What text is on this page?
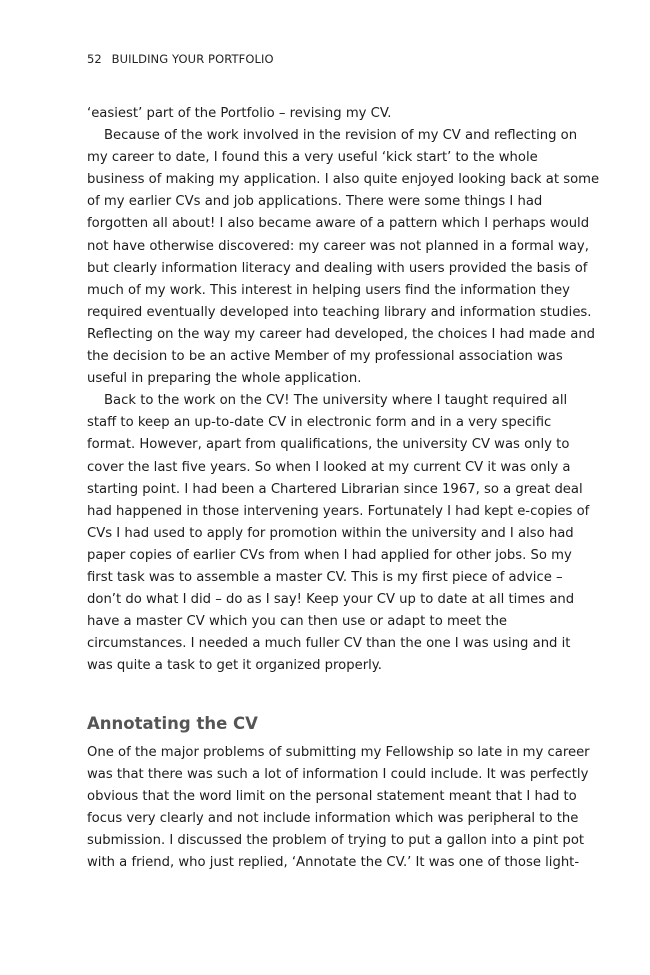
52 BUILDING YOUR PORTFOLIO

‘easiest’ part of the Portfolio – revising my CV.

Because of the work involved in the revision of my CV and reflecting on
my career to date, I found this a very useful ‘kick start’ to the whole
business of making my application. I also quite enjoyed looking back at some
of my earlier CVs and job applications. There were some things I had
forgotten all about! I also became aware of a pattern which I perhaps would
not have otherwise discovered: my career was not planned in a formal way,
but clearly information literacy and dealing with users provided the basis of
much of my work. This interest in helping users find the information they
required eventually developed into teaching library and information studies.
Reflecting on the way my career had developed, the choices I had made and
the decision to be an active Member of my professional association was
useful in preparing the whole application.

Back to the work on the CV! The university where I taught required all
staff to keep an up-to-date CV in electronic form and in a very specific
format. However, apart from qualifications, the university CV was only to
cover the last five years. So when I looked at my current CV it was only a
starting point. I had been a Chartered Librarian since 1967, so a great deal
had happened in those intervening years. Fortunately I had kept e-copies of
CVs I had used to apply for promotion within the university and I also had
paper copies of earlier CVs from when I had applied for other jobs. So my
first task was to assemble a master CV. This is my first piece of advice –
don’t do what I did – do as I say! Keep your CV up to date at all times and
have a master CV which you can then use or adapt to meet the
circumstances. I needed a much fuller CV than the one I was using and it
was quite a task to get it organized properly.

Annotating the CV

One of the major problems of submitting my Fellowship so late in my career
was that there was such a lot of information I could include. It was perfectly
obvious that the word limit on the personal statement meant that I had to
focus very clearly and not include information which was peripheral to the
submission. I discussed the problem of trying to put a gallon into a pint pot
with a friend, who just replied, ‘Annotate the CV.’ It was one of those light-
